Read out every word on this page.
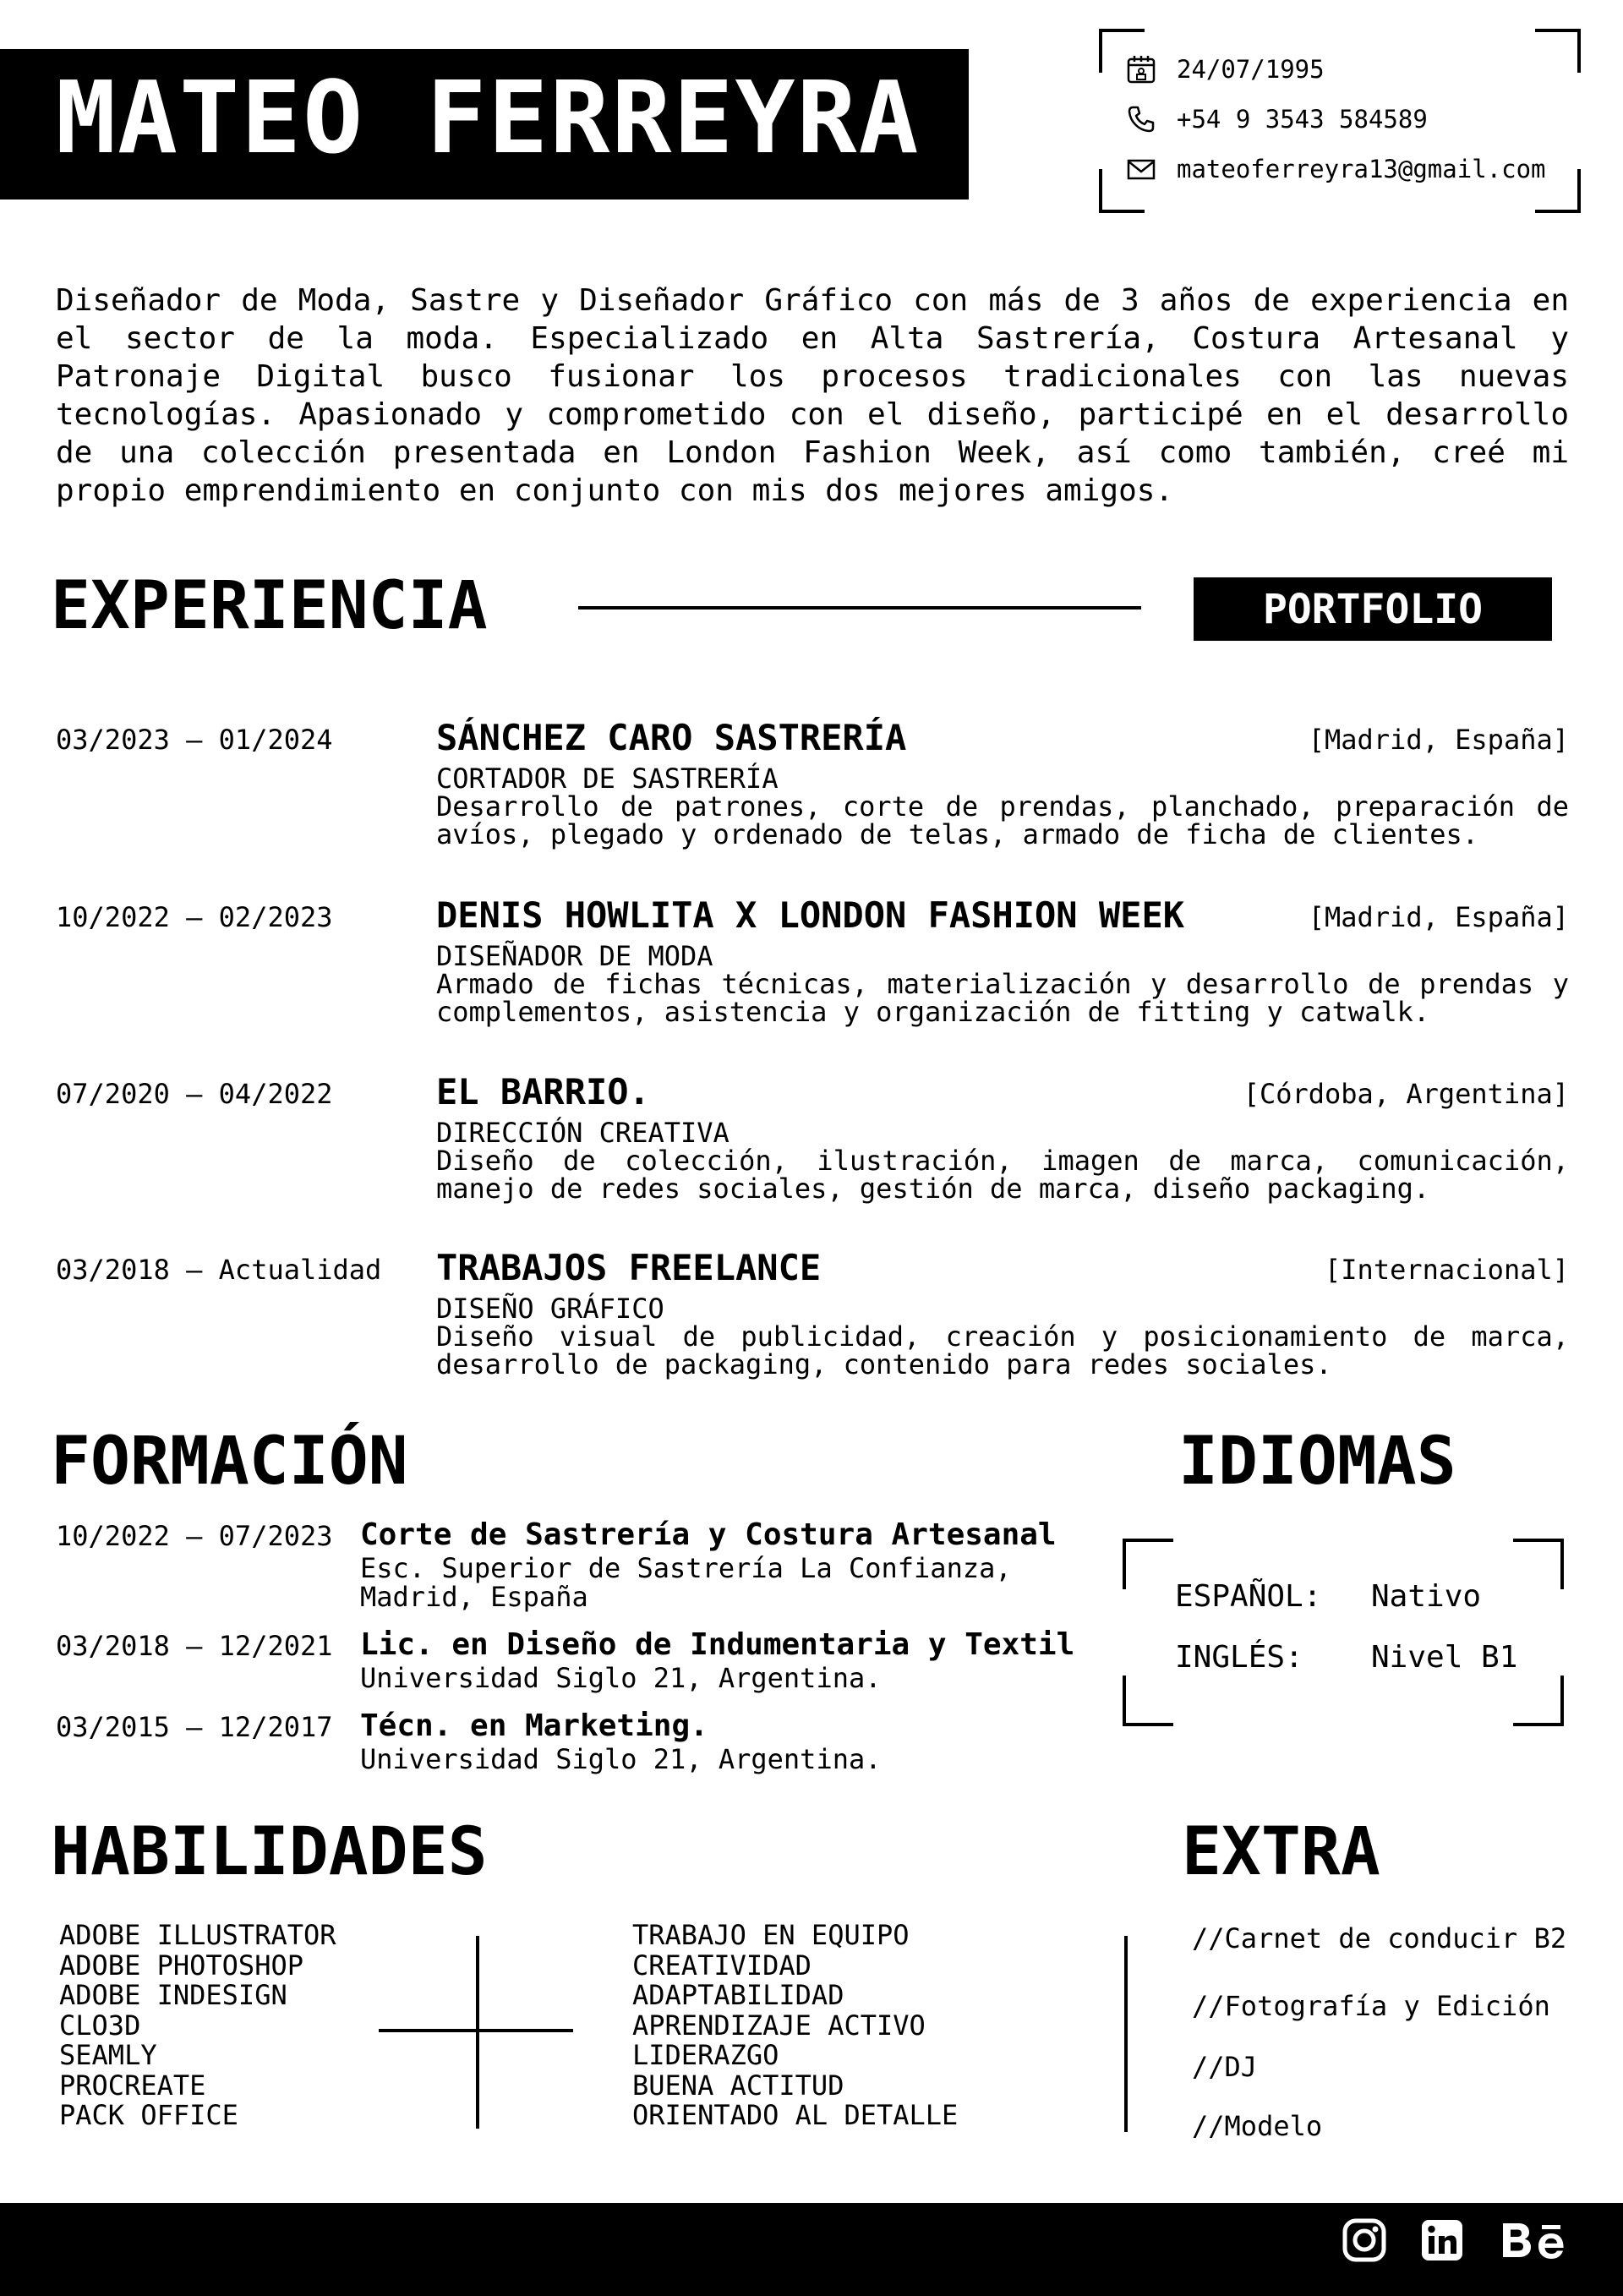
MATEO FERREYRA	24/07/1995
+54 9 3543 584589
mateoferreyra13@gmail.com
Diseñador de Moda, Sastre y Diseñador Gráfico con más de 3 años de experiencia en el sector de la moda. Especializado en Alta Sastrería, Costura Artesanal y Patronaje Digital busco fusionar los procesos tradicionales con las nuevas tecnologías. Apasionado y comprometido con el diseño, participé en el desarrollo de una colección presentada en London Fashion Week, así como también, creé mi propio emprendimiento en conjunto con mis dos mejores amigos.
EXPERIENCIA	PORTFOLIO
03/2023 – 01/2024	SÁNCHEZ CARO SASTRERÍA	[Madrid, España]
CORTADOR DE SASTRERÍA
Desarrollo de patrones, corte de prendas, planchado, preparación de avíos, plegado y ordenado de telas, armado de ficha de clientes.
10/2022 – 02/2023	DENIS HOWLITA X LONDON FASHION WEEK	[Madrid, España]
DISEÑADOR DE MODA
Armado de fichas técnicas, materialización y desarrollo de prendas y complementos, asistencia y organización de fitting y catwalk.
07/2020 – 04/2022	EL BARRIO.	[Córdoba, Argentina]
DIRECCIÓN CREATIVA
Diseño de colección, ilustración, imagen de marca, comunicación, manejo de redes sociales, gestión de marca, diseño packaging.
03/2018 – Actualidad TRABAJOS FREELANCE	[Internacional]
DISEÑO GRÁFICO
Diseño visual de publicidad, creación y posicionamiento de marca, desarrollo de packaging, contenido para redes sociales.
FORMACIÓN
10/2022 – 07/2023 Corte de Sastrería y Costura Artesanal
Esc. Superior de Sastrería La Confianza, Madrid, España
03/2018 – 12/2021 Lic. en Diseño de Indumentaria y Textil
Universidad Siglo 21, Argentina.
03/2015 – 12/2017 Técn. en Marketing.
Universidad Siglo 21, Argentina.
IDIOMAS
ESPAÑOL: Nativo
INGLÉS: Nivel B1
HABILIDADES
ADOBE ILLUSTRATOR
ADOBE PHOTOSHOP
ADOBE INDESIGN
CLO3D
SEAMLY
PROCREATE
PACK OFFICE
TRABAJO EN EQUIPO
CREATIVIDAD
ADAPTABILIDAD
APRENDIZAJE ACTIVO
LIDERAZGO
BUENA ACTITUD
ORIENTADO AL DETALLE
EXTRA
//Carnet de conducir B2
//Fotografía y Edición
//DJ
//Modelo
